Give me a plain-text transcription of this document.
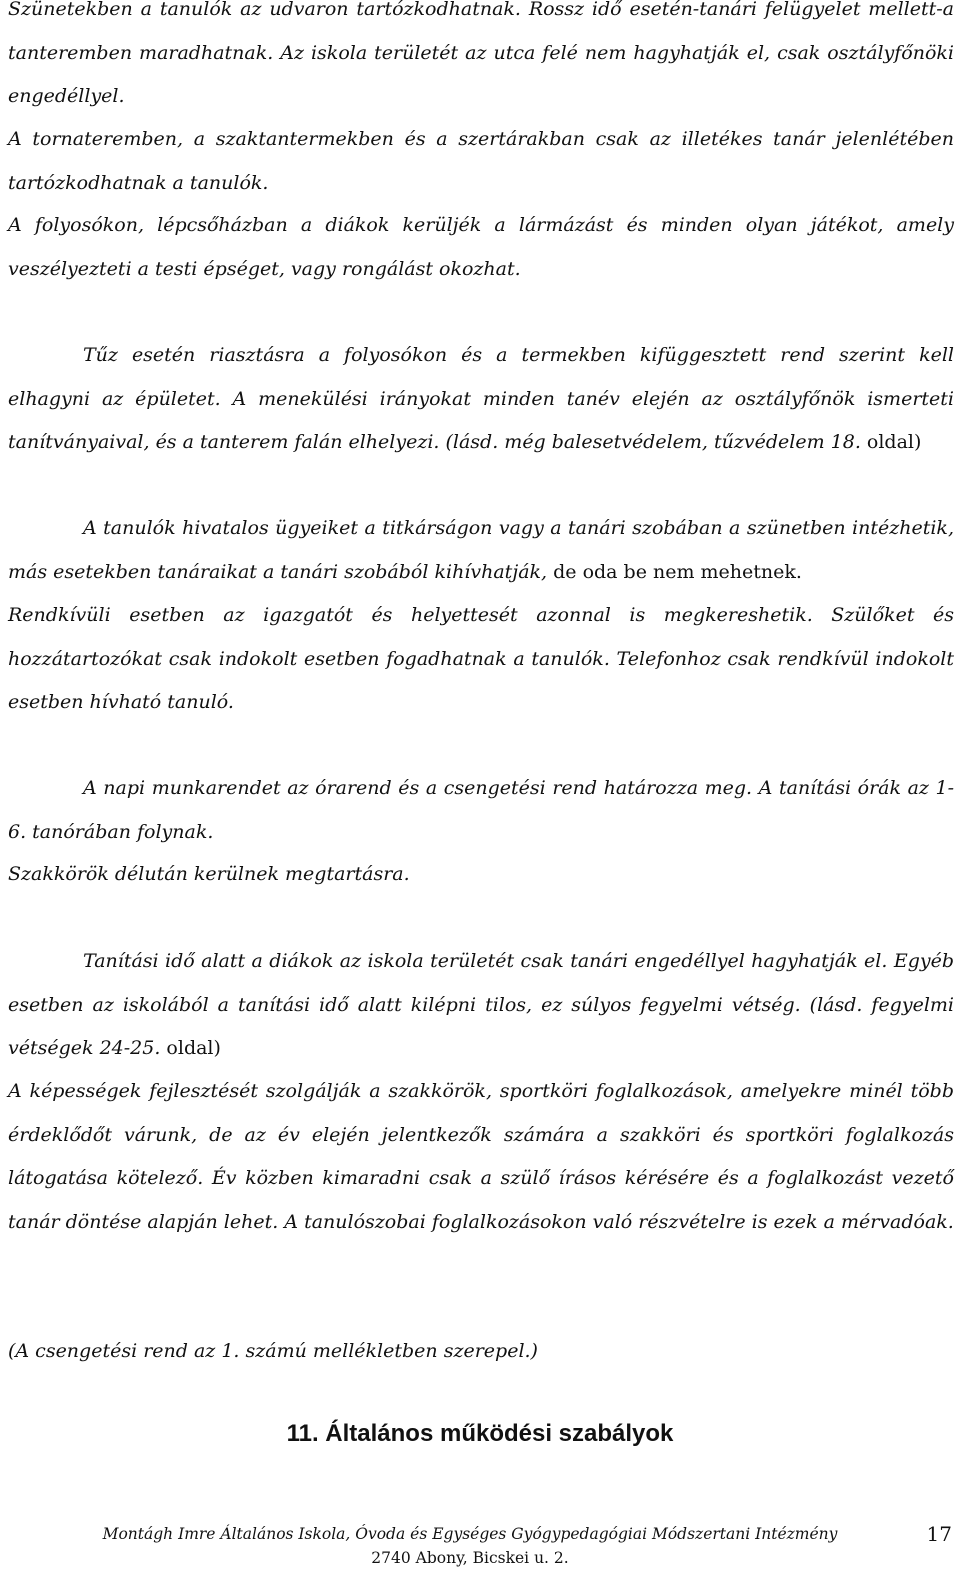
Szünetekben a tanulók az udvaron tartózkodhatnak. Rossz idő esetén-tanári felügyelet mellett-a tanteremben maradhatnak. Az iskola területét az utca felé nem hagyhatják el, csak osztályfőnöki engedéllyel.

A tornateremben, a szaktantermekben és a szertárakban csak az illetékes tanár jelenlétében tartózkodhatnak a tanulók.

A folyosókon, lépcsőházban a diákok kerüljék a lármázást és minden olyan játékot, amely veszélyezteti a testi épséget, vagy rongálást okozhat.

Tűz esetén riasztásra a folyosókon és a termekben kifüggesztett rend szerint kell elhagyni az épületet. A menekülési irányokat minden tanév elején az osztályfőnök ismerteti tanítványaival, és a tanterem falán elhelyezi. (lásd. még balesetvédelem, tűzvédelem 18. oldal)

A tanulók hivatalos ügyeiket a titkárságon vagy a tanári szobában a szünetben intézhetik, más esetekben tanáraikat a tanári szobából kihívhatják, de oda be nem mehetnek.

Rendkívüli esetben az igazgatót és helyettesét azonnal is megkereshetik. Szülőket és hozzátartozókat csak indokolt esetben fogadhatnak a tanulók. Telefonhoz csak rendkívül indokolt esetben hívható tanuló.

A napi munkarendet az órarend és a csengetési rend határozza meg. A tanítási órák az 1-6. tanórában folynak.

Szakkörök délután kerülnek megtartásra.

Tanítási idő alatt a diákok az iskola területét csak tanári engedéllyel hagyhatják el. Egyéb esetben az iskolából a tanítási idő alatt kilépni tilos, ez súlyos fegyelmi vétség. (lásd. fegyelmi vétségek 24-25. oldal)

A képességek fejlesztését szolgálják a szakkörök, sportköri foglalkozások, amelyekre minél több érdeklődőt várunk, de az év elején jelentkezők számára a szakköri és sportköri foglalkozás látogatása kötelező. Év közben kimaradni csak a szülő írásos kérésére és a foglalkozást vezető tanár döntése alapján lehet. A tanulószobai foglalkozásokon való részvételre is ezek a mérvadóak.

(A csengetési rend az 1. számú mellékletben szerepel.)

11. Általános működési szabályok
Montágh Imre Általános Iskola, Óvoda és Egységes Gyógypedagógiai Módszertani Intézmény
2740 Abony, Bicskei u. 2.
17
